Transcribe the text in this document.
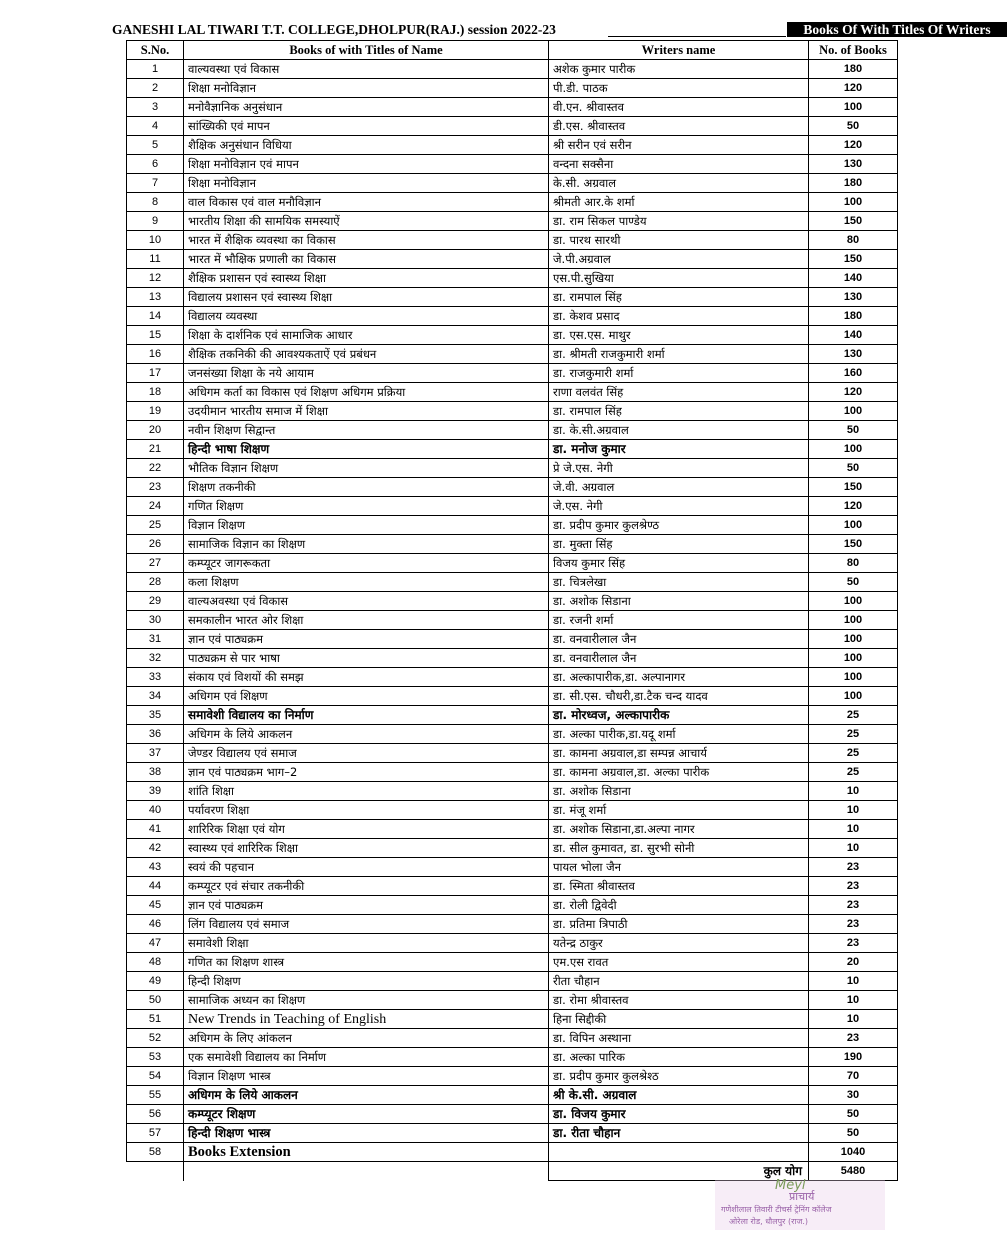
GANESHI LAL TIWARI T.T. COLLEGE,DHOLPUR(RAJ.) session 2022-23	Books Of With Titles Of Writers
S.No.	Books of with Titles of Name	Writers name	No. of Books
1	वाल्यवस्था एवं विकास	अशेक कुमार पारीक	180
2	शिक्षा मनोविज्ञान	पी.डी. पाठक	120
3	मनोवैज्ञानिक अनुसंधान	वी.एन. श्रीवास्तव	100
4	सांख्यिकी एवं मापन	डी.एस. श्रीवास्तव	50
5	शैक्षिक अनुसंधान विधिया	श्री सरीन एवं सरीन	120
6	शिक्षा मनोविज्ञान एवं मापन	वन्दना सक्सैना	130
7	शिक्षा मनोविज्ञान	के.सी. अग्रवाल	180
8	वाल विकास एवं वाल मनौविज्ञान	श्रीमती आर.के शर्मा	100
9	भारतीय शिक्षा की सामयिक समस्याऐं	डा. राम सिकल पाण्डेय	150
10	भारत में शैक्षिक व्यवस्था का विकास	डा. पारथ सारथी	80
11	भारत में भौक्षिक प्रणाली का विकास	जे.पी.अग्रवाल	150
12	शैक्षिक प्रशासन एवं स्वास्थ्य शिक्षा	एस.पी.सुखिया	140
13	विद्यालय प्रशासन एवं स्वास्थ्य शिक्षा	डा. रामपाल सिंह	130
14	विद्यालय व्यवस्था	डा. केशव प्रसाद	180
15	शिक्षा के दार्शनिक एवं सामाजिक आधार	डा. एस.एस. माथुर	140
16	शैक्षिक तकनिकी की आवश्यकताऐं एवं प्रबंधन	डा. श्रीमती राजकुमारी शर्मा	130
17	जनसंख्या शिक्षा के नये आयाम	डा. राजकुमारी शर्मा	160
18	अधिगम कर्ता का विकास एवं शिक्षण अधिगम प्रक्रिया	राणा वलवंत सिंह	120
19	उदयीमान भारतीय समाज में शिक्षा	डा. रामपाल सिंह	100
20	नवीन शिक्षण सिद्वान्त	डा. के.सी.अग्रवाल	50
21	हिन्दी भाषा शिक्षण	डा. मनोज कुमार	100
22	भौतिक विज्ञान शिक्षण	प्रे जे.एस. नेगी	50
23	शिक्षण तकनीकी	जे.वी. अग्रवाल	150
24	गणित शिक्षण	जे.एस. नेगी	120
25	विज्ञान शिक्षण	डा. प्रदीप कुमार कुलश्रेण्ठ	100
26	सामाजिक विज्ञान का शिक्षण	डा. मुक्ता सिंह	150
27	कम्प्यूटर जागरूकता	विजय कुमार सिंह	80
28	कला शिक्षण	डा. चित्रलेखा	50
29	वाल्यअवस्था एवं विकास	डा. अशोक सिडाना	100
30	समकालीन भारत ओर शिक्षा	डा. रजनी शर्मा	100
31	ज्ञान एवं पाठ्यक्रम	डा. वनवारीलाल जैन	100
32	पाठ्यक्रम से पार भाषा	डा. वनवारीलाल जैन	100
33	संकाय एवं विशयों की समझ	डा. अल्कापारीक,डा. अल्पानागर	100
34	अधिगम एवं शिक्षण	डा. सी.एस. चौधरी,डा.टैक चन्द यादव	100
35	समावेशी विद्यालय का निर्माण	डा. मोरध्वज, अल्कापारीक	25
36	अधिगम के लिये आकलन	डा. अल्का पारीक,डा.यदू शर्मा	25
37	जेण्डर विद्यालय एवं समाज	डा. कामना अग्रवाल,डा सम्पन्न आचार्य	25
38	ज्ञान एवं पाठ्यक्रम भाग–2	डा. कामना अग्रवाल,डा. अल्का पारीक	25
39	शांति शिक्षा	डा. अशोक सिडाना	10
40	पर्यावरण शिक्षा	डा. मंजू शर्मा	10
41	शारिरिक शिक्षा एवं योग	डा. अशोक सिडाना,डा.अल्पा नागर	10
42	स्वास्थ्य एवं शारिरिक शिक्षा	डा. सील कुमावत, डा. सुरभी सोनी	10
43	स्वयं की पहचान	पायल भोला जैन	23
44	कम्प्यूटर एवं संचार तकनीकी	डा. स्मिता श्रीवास्तव	23
45	ज्ञान एवं पाठ्यक्रम	डा. रोली द्विवेदी	23
46	लिंग विद्यालय एवं समाज	डा. प्रतिमा त्रिपाठी	23
47	समावेशी शिक्षा	यतेन्द्र ठाकुर	23
48	गणित का शिक्षण शास्त्र	एम.एस रावत	20
49	हिन्दी शिक्षण	रीता चौहान	10
50	सामाजिक अध्यन का शिक्षण	डा. रोमा श्रीवास्तव	10
51	New Trends in Teaching of English	हिना सिद्दीकी	10
52	अधिगम के लिए आंकलन	डा. विपिन अस्थाना	23
53	एक समावेशी विद्यालय का निर्माण	डा. अल्का पारिक	190
54	विज्ञान शिक्षण भास्त्र	डा. प्रदीप कुमार कुलश्रेश्ठ	70
55	अधिगम के लिये आकलन	श्री के.सी. अग्रवाल	30
56	कम्प्यूटर शिक्षण	डा. विजय कुमार	50
57	हिन्दी शिक्षण भास्त्र	डा. रीता चौहान	50
58	Books Extension		1040
		कुल योग	5480
Meyl
प्राचार्य
गणेशीलाल तिवारी टीचर्स ट्रेनिंग कॉलेज
ओरेला रोड, धौलपुर (राज.)
